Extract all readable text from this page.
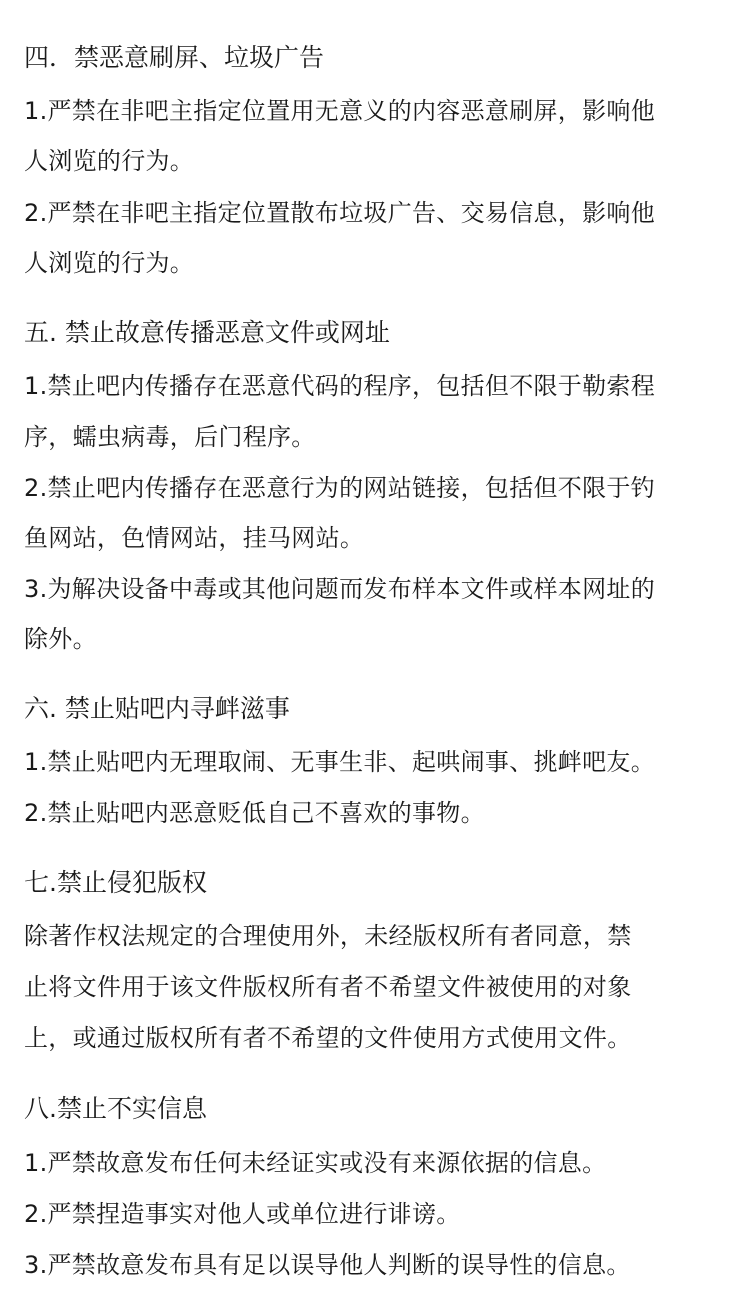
四．禁恶意刷屏、垃圾广告
1.严禁在非吧主指定位置用无意义的内容恶意刷屏，影响他
人浏览的行为。
2.严禁在非吧主指定位置散布垃圾广告、交易信息，影响他
人浏览的行为。
五. 禁止故意传播恶意文件或网址
1.禁止吧内传播存在恶意代码的程序，包括但不限于勒索程
序，蠕虫病毒，后门程序。
2.禁止吧内传播存在恶意行为的网站链接，包括但不限于钓
鱼网站，色情网站，挂马网站。
3.为解决设备中毒或其他问题而发布样本文件或样本网址的
除外。
六. 禁止贴吧内寻衅滋事
1.禁止贴吧内无理取闹、无事生非、起哄闹事、挑衅吧友。
2.禁止贴吧内恶意贬低自己不喜欢的事物。
七.禁止侵犯版权
除著作权法规定的合理使用外，未经版权所有者同意，禁
止将文件用于该文件版权所有者不希望文件被使用的对象
上，或通过版权所有者不希望的文件使用方式使用文件。
八.禁止不实信息
1.严禁故意发布任何未经证实或没有来源依据的信息。
2.严禁捏造事实对他人或单位进行诽谤。
3.严禁故意发布具有足以误导他人判断的误导性的信息。
